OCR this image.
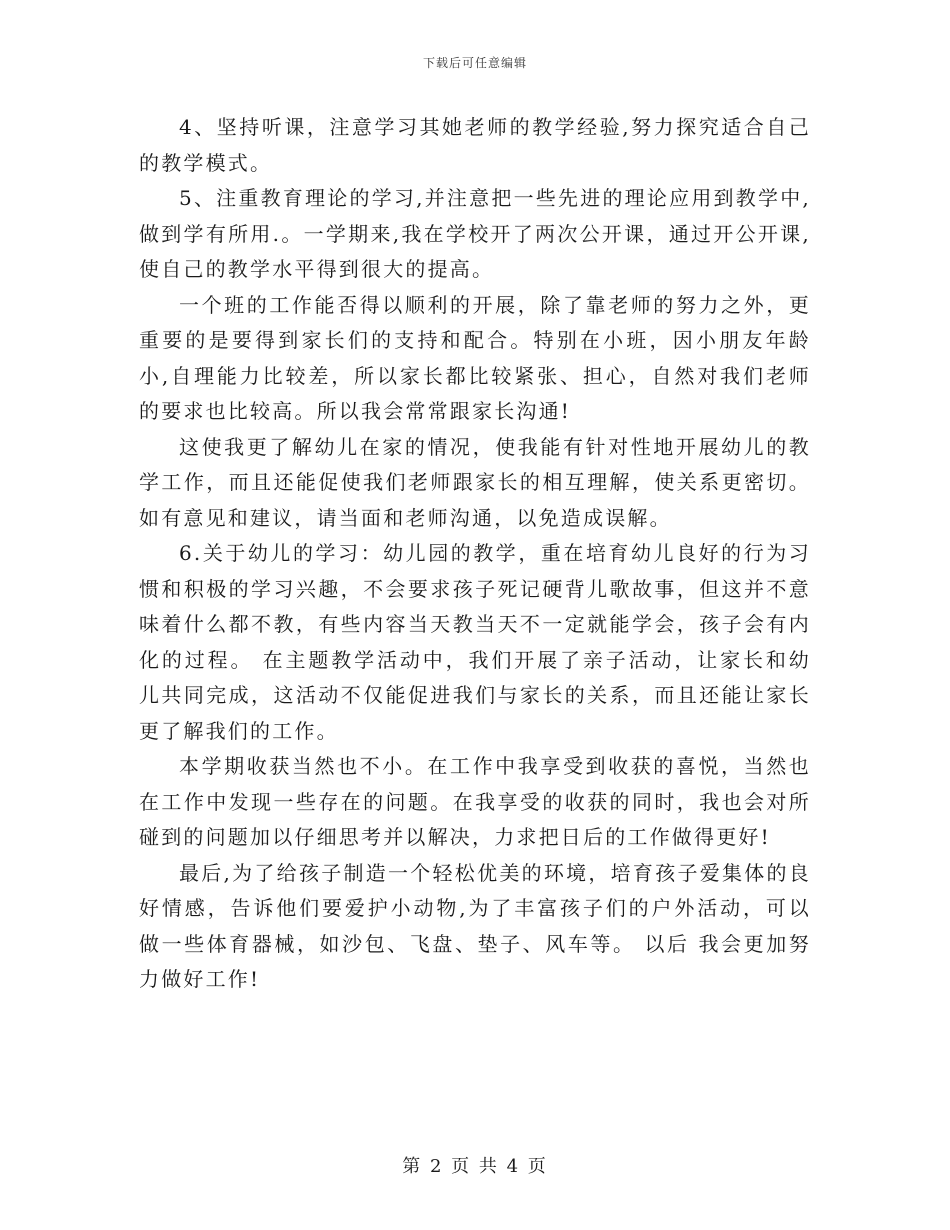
下载后可任意编辑

4、坚持听课，注意学习其她老师的教学经验,努力探究适合自己的教学模式。

5、注重教育理论的学习,并注意把一些先进的理论应用到教学中,做到学有所用.。一学期来,我在学校开了两次公开课，通过开公开课,使自己的教学水平得到很大的提高。

一个班的工作能否得以顺利的开展，除了靠老师的努力之外，更重要的是要得到家长们的支持和配合。特别在小班，因小朋友年龄小,自理能力比较差，所以家长都比较紧张、担心，自然对我们老师的要求也比较高。所以我会常常跟家长沟通!

这使我更了解幼儿在家的情况，使我能有针对性地开展幼儿的教学工作，而且还能促使我们老师跟家长的相互理解，使关系更密切。如有意见和建议，请当面和老师沟通，以免造成误解。

6.关于幼儿的学习：幼儿园的教学，重在培育幼儿良好的行为习惯和积极的学习兴趣，不会要求孩子死记硬背儿歌故事，但这并不意味着什么都不教，有些内容当天教当天不一定就能学会，孩子会有内化的过程。 在主题教学活动中，我们开展了亲子活动，让家长和幼儿共同完成，这活动不仅能促进我们与家长的关系，而且还能让家长更了解我们的工作。

本学期收获当然也不小。在工作中我享受到收获的喜悦，当然也在工作中发现一些存在的问题。在我享受的收获的同时，我也会对所碰到的问题加以仔细思考并以解决，力求把日后的工作做得更好!

最后,为了给孩子制造一个轻松优美的环境，培育孩子爱集体的良好情感，告诉他们要爱护小动物,为了丰富孩子们的户外活动，可以做一些体育器械，如沙包、飞盘、垫子、风车等。 以后 我会更加努力做好工作!

第 2 页 共 4 页
